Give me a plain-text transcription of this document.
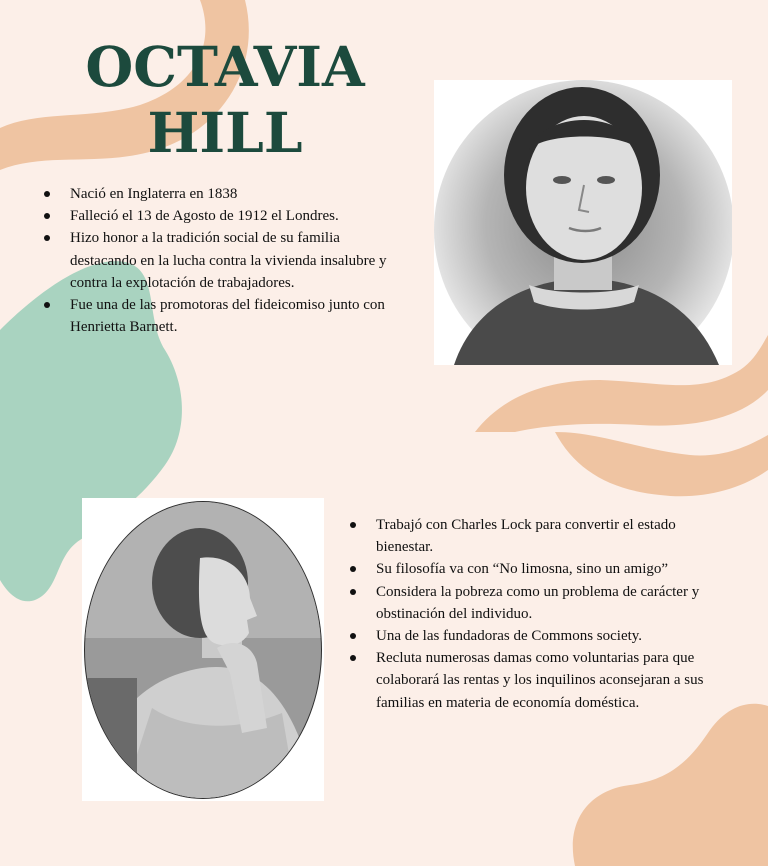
OCTAVIA
HILL
Nació en Inglaterra en 1838
Falleció el 13 de Agosto de 1912 el Londres.
Hizo honor a la tradición social de su familia destacando en la lucha contra la vivienda insalubre y contra la explotación de trabajadores.
Fue una de las promotoras del fideicomiso junto con Henrietta Barnett.
Trabajó con Charles Lock para convertir el estado bienestar.
Su filosofía va con “No limosna, sino un amigo”
Considera la pobreza como un problema de carácter y obstinación del individuo.
Una de las fundadoras de Commons society.
Recluta numerosas damas como voluntarias para que colaborará las rentas y los inquilinos aconsejaran a sus familias en materia de economía doméstica.
